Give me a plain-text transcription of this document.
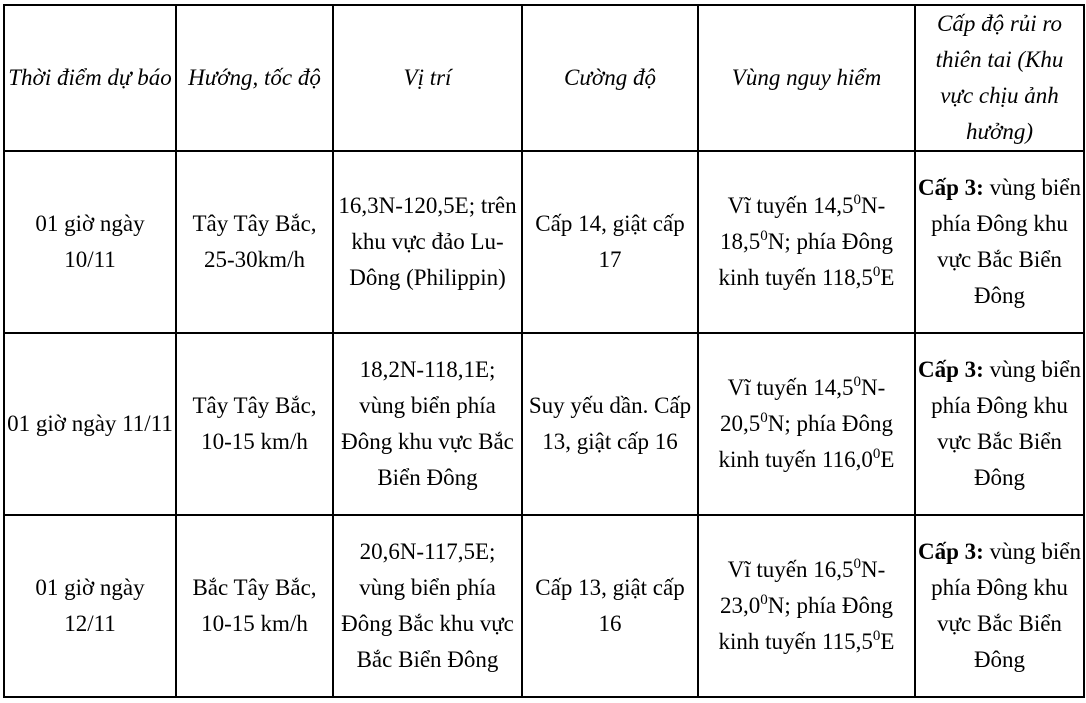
Thời điểm dự báo	Hướng, tốc độ	Vị trí	Cường độ	Vùng nguy hiểm	Cấp độ rủi ro thiên tai (Khu vực chịu ảnh hưởng)
01 giờ ngày 10/11	Tây Tây Bắc, 25-30km/h	16,3N-120,5E; trên khu vực đảo Lu-Dông (Philippin)	Cấp 14, giật cấp 17	Vĩ tuyến 14,5$^0$N-18,5$^0$N; phía Đông kinh tuyến 118,5$^0$E	Cấp 3: vùng biển phía Đông khu vực Bắc Biển Đông
01 giờ ngày 11/11	Tây Tây Bắc, 10-15 km/h	18,2N-118,1E; vùng biển phía Đông khu vực Bắc Biển Đông	Suy yếu dần. Cấp 13, giật cấp 16	Vĩ tuyến 14,5$^0$N-20,5$^0$N; phía Đông kinh tuyến 116,0$^0$E	Cấp 3: vùng biển phía Đông khu vực Bắc Biển Đông
01 giờ ngày 12/11	Bắc Tây Bắc, 10-15 km/h	20,6N-117,5E; vùng biển phía Đông Bắc khu vực Bắc Biển Đông	Cấp 13, giật cấp 16	Vĩ tuyến 16,5$^0$N-23,0$^0$N; phía Đông kinh tuyến 115,5$^0$E	Cấp 3: vùng biển phía Đông khu vực Bắc Biển Đông
